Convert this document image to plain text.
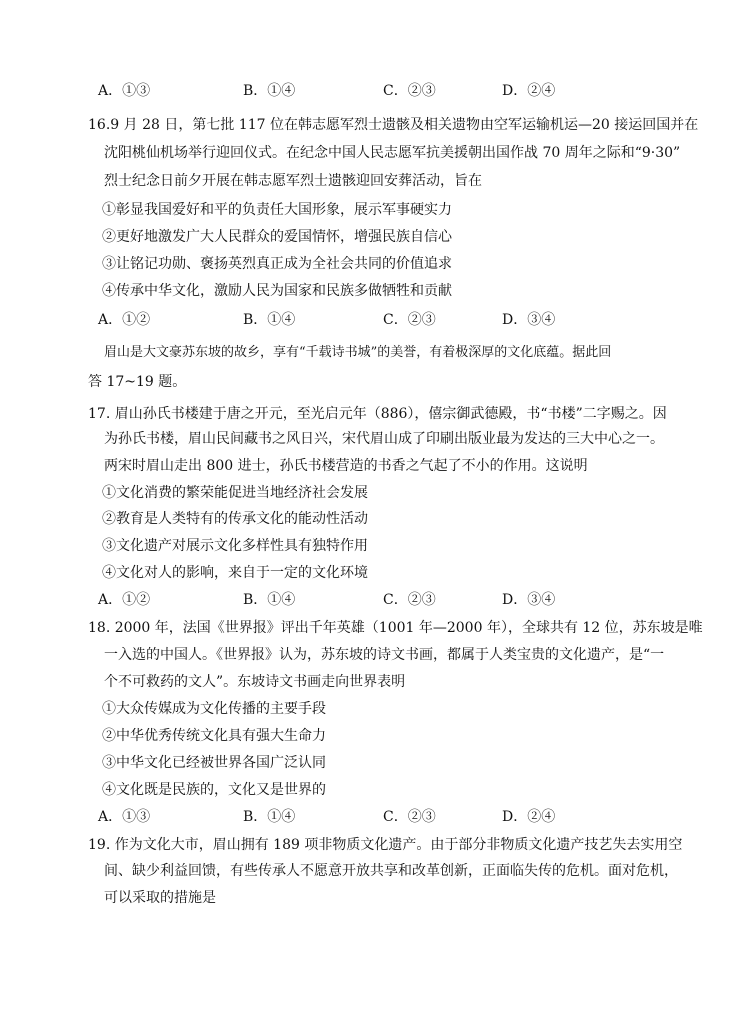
A．①③	B．①④	C．②③	D．②④
16.9 月 28 日，第七批 117 位在韩志愿军烈士遗骸及相关遗物由空军运输机运—20 接运回国并在
沈阳桃仙机场举行迎回仪式。在纪念中国人民志愿军抗美援朝出国作战 70 周年之际和“9·30”
烈士纪念日前夕开展在韩志愿军烈士遗骸迎回安葬活动，旨在
①彰显我国爱好和平的负责任大国形象，展示军事硬实力
②更好地激发广大人民群众的爱国情怀，增强民族自信心
③让铭记功勋、褒扬英烈真正成为全社会共同的价值追求
④传承中华文化，激励人民为国家和民族多做牺牲和贡献
A．①②	B．①④	C．②③	D．③④
眉山是大文豪苏东坡的故乡，享有“千载诗书城”的美誉，有着极深厚的文化底蕴。据此回
答 17~19 题。
17. 眉山孙氏书楼建于唐之开元，至光启元年（886），僖宗御武德殿，书“书楼”二字赐之。因
为孙氏书楼，眉山民间藏书之风日兴，宋代眉山成了印刷出版业最为发达的三大中心之一。
两宋时眉山走出 800 进士，孙氏书楼营造的书香之气起了不小的作用。这说明
①文化消费的繁荣能促进当地经济社会发展
②教育是人类特有的传承文化的能动性活动
③文化遗产对展示文化多样性具有独特作用
④文化对人的影响，来自于一定的文化环境
A．①②	B．①④	C．②③	D．③④
18. 2000 年，法国《世界报》评出千年英雄（1001 年—2000 年），全球共有 12 位，苏东坡是唯
一入选的中国人。《世界报》认为，苏东坡的诗文书画，都属于人类宝贵的文化遗产，是“一
个不可救药的文人”。东坡诗文书画走向世界表明
①大众传媒成为文化传播的主要手段
②中华优秀传统文化具有强大生命力
③中华文化已经被世界各国广泛认同
④文化既是民族的，文化又是世界的
A．①③	B．①④	C．②③	D．②④
19. 作为文化大市，眉山拥有 189 项非物质文化遗产。由于部分非物质文化遗产技艺失去实用空
间、缺少利益回馈，有些传承人不愿意开放共享和改革创新，正面临失传的危机。面对危机，
可以采取的措施是
